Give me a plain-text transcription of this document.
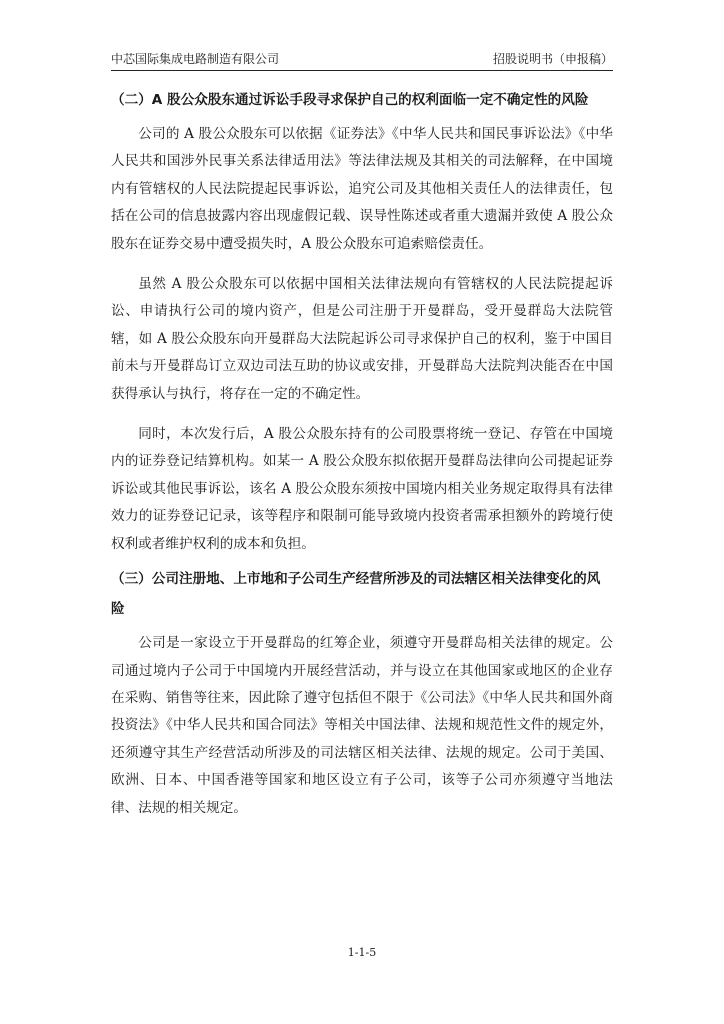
中芯国际集成电路制造有限公司	招股说明书（申报稿）

（二）A 股公众股东通过诉讼手段寻求保护自己的权利面临一定不确定性的风险

公司的 A 股公众股东可以依据《证券法》《中华人民共和国民事诉讼法》《中华人民共和国涉外民事关系法律适用法》等法律法规及其相关的司法解释，在中国境内有管辖权的人民法院提起民事诉讼，追究公司及其他相关责任人的法律责任，包括在公司的信息披露内容出现虚假记载、误导性陈述或者重大遗漏并致使 A 股公众股东在证券交易中遭受损失时，A 股公众股东可追索赔偿责任。

虽然 A 股公众股东可以依据中国相关法律法规向有管辖权的人民法院提起诉讼、申请执行公司的境内资产，但是公司注册于开曼群岛，受开曼群岛大法院管辖，如 A 股公众股东向开曼群岛大法院起诉公司寻求保护自己的权利，鉴于中国目前未与开曼群岛订立双边司法互助的协议或安排，开曼群岛大法院判决能否在中国获得承认与执行，将存在一定的不确定性。

同时，本次发行后，A 股公众股东持有的公司股票将统一登记、存管在中国境内的证券登记结算机构。如某一 A 股公众股东拟依据开曼群岛法律向公司提起证券诉讼或其他民事诉讼，该名 A 股公众股东须按中国境内相关业务规定取得具有法律效力的证券登记记录，该等程序和限制可能导致境内投资者需承担额外的跨境行使权利或者维护权利的成本和负担。

（三）公司注册地、上市地和子公司生产经营所涉及的司法辖区相关法律变化的风险

公司是一家设立于开曼群岛的红筹企业，须遵守开曼群岛相关法律的规定。公司通过境内子公司于中国境内开展经营活动，并与设立在其他国家或地区的企业存在采购、销售等往来，因此除了遵守包括但不限于《公司法》《中华人民共和国外商投资法》《中华人民共和国合同法》等相关中国法律、法规和规范性文件的规定外，还须遵守其生产经营活动所涉及的司法辖区相关法律、法规的规定。公司于美国、欧洲、日本、中国香港等国家和地区设立有子公司，该等子公司亦须遵守当地法律、法规的相关规定。

1-1-5
